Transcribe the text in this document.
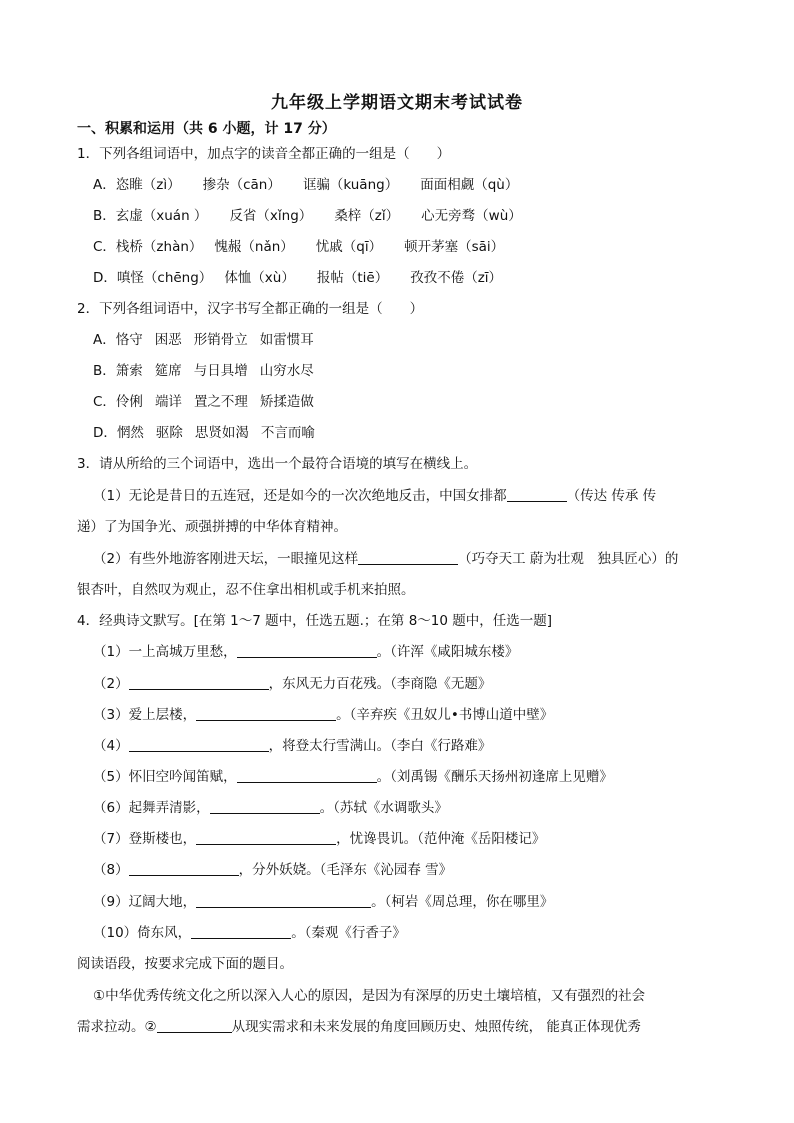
九年级上学期语文期末考试试卷
一、积累和运用（共 6 小题，计 17 分）
1．下列各组词语中，加点字的读音全都正确的一组是（　　）
A．恣睢（zì） 掺杂（cān） 诓骗（kuāng） 面面相觑（qù）
B．玄虚（xuán ） 反省（xǐng） 桑梓（zǐ） 心无旁骛（wù）
C．栈桥（zhàn） 愧赧（nǎn） 忧戚（qī） 顿开茅塞（sāi）
D．嗔怪（chēng） 体恤（xù） 报帖（tiē） 孜孜不倦（zī）
2．下列各组词语中，汉字书写全都正确的一组是（　　）
A．恪守 困恶 形销骨立 如雷惯耳
B．箫索 筵席 与日具增 山穷水尽
C．伶俐 端详 置之不理 矫揉造做
D．惘然 驱除 思贤如渴 不言而喻
3．请从所给的三个词语中，选出一个最符合语境的填写在横线上。
（1）无论是昔日的五连冠，还是如今的一次次绝地反击，中国女排都	（传达 传承 传
递）了为国争光、顽强拼搏的中华体育精神。
（2）有些外地游客刚进天坛，一眼撞见这样	（巧夺天工 蔚为壮观　独具匠心）的
银杏叶，自然叹为观止，忍不住拿出相机或手机来拍照。
4．经典诗文默写。[在第 1～7 题中，任选五题.；在第 8～10 题中，任选一题]
（1）一上高城万里愁，	。（许浑《咸阳城东楼》
（2）	，东风无力百花残。（李商隐《无题》
（3）爱上层楼，	。（辛弃疾《丑奴儿•书博山道中壁》
（4）	，将登太行雪满山。（李白《行路难》
（5）怀旧空吟闻笛赋，	。（刘禹锡《酬乐天扬州初逢席上见赠》
（6）起舞弄清影，	。（苏轼《水调歌头》
（7）登斯楼也，	，忧谗畏讥。（范仲淹《岳阳楼记》
（8）	，分外妖娆。（毛泽东《沁园春 雪》
（9）辽阔大地，	。（柯岩《周总理，你在哪里》
（10）倚东风，	。（秦观《行香子》
阅读语段，按要求完成下面的题目。
①中华优秀传统文化之所以深入人心的原因，是因为有深厚的历史土壤培植，又有强烈的社会
需求拉动。②	从现实需求和未来发展的角度回顾历史、烛照传统， 能真正体现优秀
